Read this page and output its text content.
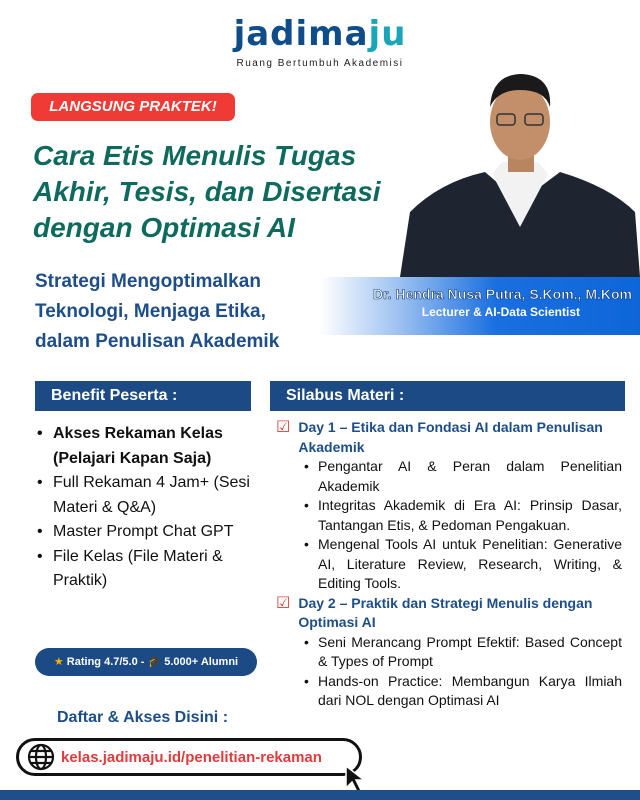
jadimaju
Ruang Bertumbuh Akademisi
LANGSUNG PRAKTEK!
Cara Etis Menulis Tugas
Akhir, Tesis, dan Disertasi
dengan Optimasi AI
Strategi Mengoptimalkan
Teknologi, Menjaga Etika,
dalam Penulisan Akademik
Dr. Hendra Nusa Putra, S.Kom., M.Kom
Lecturer & AI-Data Scientist
Benefit Peserta :	Silabus Materi :
• Akses Rekaman Kelas (Pelajari Kapan Saja)
• Full Rekaman 4 Jam+ (Sesi Materi & Q&A)
• Master Prompt Chat GPT
• File Kelas (File Materi & Praktik)
★ Rating 4.7/5.0 - 🎓 5.000+ Alumni
☑ Day 1 – Etika dan Fondasi AI dalam Penulisan Akademik
• Pengantar AI & Peran dalam Penelitian Akademik
• Integritas Akademik di Era AI: Prinsip Dasar, Tantangan Etis, & Pedoman Pengakuan.
• Mengenal Tools AI untuk Penelitian: Generative AI, Literature Review, Research, Writing, & Editing Tools.
☑ Day 2 – Praktik dan Strategi Menulis dengan Optimasi AI
• Seni Merancang Prompt Efektif: Based Concept & Types of Prompt
• Hands-on Practice: Membangun Karya Ilmiah dari NOL dengan Optimasi AI
Daftar & Akses Disini :
kelas.jadimaju.id/penelitian-rekaman
